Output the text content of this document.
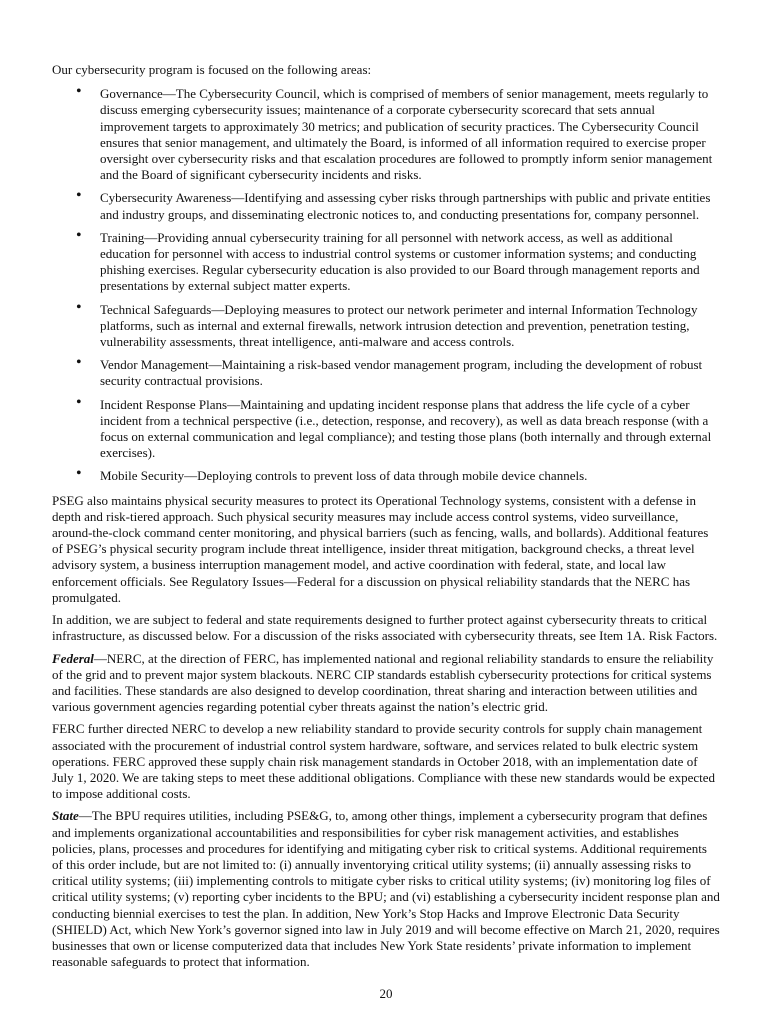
Our cybersecurity program is focused on the following areas:

• Governance—The Cybersecurity Council, which is comprised of members of senior management, meets regularly to discuss emerging cybersecurity issues; maintenance of a corporate cybersecurity scorecard that sets annual improvement targets to approximately 30 metrics; and publication of security practices. The Cybersecurity Council ensures that senior management, and ultimately the Board, is informed of all information required to exercise proper oversight over cybersecurity risks and that escalation procedures are followed to promptly inform senior management and the Board of significant cybersecurity incidents and risks.
• Cybersecurity Awareness—Identifying and assessing cyber risks through partnerships with public and private entities and industry groups, and disseminating electronic notices to, and conducting presentations for, company personnel.
• Training—Providing annual cybersecurity training for all personnel with network access, as well as additional education for personnel with access to industrial control systems or customer information systems; and conducting phishing exercises. Regular cybersecurity education is also provided to our Board through management reports and presentations by external subject matter experts.
• Technical Safeguards—Deploying measures to protect our network perimeter and internal Information Technology platforms, such as internal and external firewalls, network intrusion detection and prevention, penetration testing, vulnerability assessments, threat intelligence, anti-malware and access controls.
• Vendor Management—Maintaining a risk-based vendor management program, including the development of robust security contractual provisions.
• Incident Response Plans—Maintaining and updating incident response plans that address the life cycle of a cyber incident from a technical perspective (i.e., detection, response, and recovery), as well as data breach response (with a focus on external communication and legal compliance); and testing those plans (both internally and through external exercises).
• Mobile Security—Deploying controls to prevent loss of data through mobile device channels.

PSEG also maintains physical security measures to protect its Operational Technology systems, consistent with a defense in depth and risk-tiered approach. Such physical security measures may include access control systems, video surveillance, around-the-clock command center monitoring, and physical barriers (such as fencing, walls, and bollards). Additional features of PSEG’s physical security program include threat intelligence, insider threat mitigation, background checks, a threat level advisory system, a business interruption management model, and active coordination with federal, state, and local law enforcement officials. See Regulatory Issues—Federal for a discussion on physical reliability standards that the NERC has promulgated.

In addition, we are subject to federal and state requirements designed to further protect against cybersecurity threats to critical infrastructure, as discussed below. For a discussion of the risks associated with cybersecurity threats, see Item 1A. Risk Factors.

Federal—NERC, at the direction of FERC, has implemented national and regional reliability standards to ensure the reliability of the grid and to prevent major system blackouts. NERC CIP standards establish cybersecurity protections for critical systems and facilities. These standards are also designed to develop coordination, threat sharing and interaction between utilities and various government agencies regarding potential cyber threats against the nation’s electric grid.

FERC further directed NERC to develop a new reliability standard to provide security controls for supply chain management associated with the procurement of industrial control system hardware, software, and services related to bulk electric system operations. FERC approved these supply chain risk management standards in October 2018, with an implementation date of July 1, 2020. We are taking steps to meet these additional obligations. Compliance with these new standards would be expected to impose additional costs.

State—The BPU requires utilities, including PSE&G, to, among other things, implement a cybersecurity program that defines and implements organizational accountabilities and responsibilities for cyber risk management activities, and establishes policies, plans, processes and procedures for identifying and mitigating cyber risk to critical systems. Additional requirements of this order include, but are not limited to: (i) annually inventorying critical utility systems; (ii) annually assessing risks to critical utility systems; (iii) implementing controls to mitigate cyber risks to critical utility systems; (iv) monitoring log files of critical utility systems; (v) reporting cyber incidents to the BPU; and (vi) establishing a cybersecurity incident response plan and conducting biennial exercises to test the plan. In addition, New York’s Stop Hacks and Improve Electronic Data Security (SHIELD) Act, which New York’s governor signed into law in July 2019 and will become effective on March 21, 2020, requires businesses that own or license computerized data that includes New York State residents’ private information to implement reasonable safeguards to protect that information.

20
